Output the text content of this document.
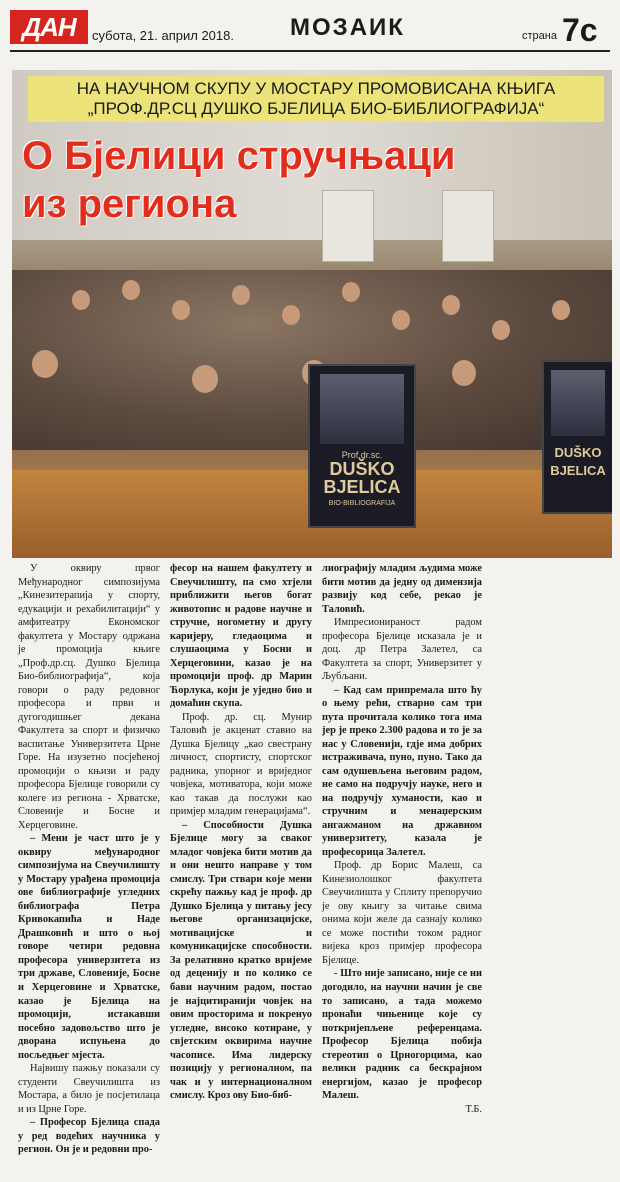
ДАН	субота, 21. април 2018. МОЗАИК	страна 7c
Prof.dr.sc.
DUŠKO
BJELICA
BIO-BIBLIOGRAFIJA
DUŠKO
BJELICA
НА НАУЧНОМ СКУПУ У МОСТАРУ ПРОМОВИСАНА КЊИГА
„ПРОФ.ДР.СЦ ДУШКО БЈЕЛИЦА БИО-БИБЛИОГРАФИЈА“
О Бјелици стручњаци
из региона

У оквиру првог Међународног симпозијума „Кинезитерапија у спорту, едукацији и рехабилитацији“ у амфитеатру Економског факултета у Мостару одржана је промоција књиге „Проф.др.сц. Душко Бјелица Био-библиографија“, која говори о раду редовног професора и први и дугогодишњег декана Факултета за спорт и физичко васпитање Универзитета Црне Горе. На изузетно посјећеној промоцији о књизи и раду професора Бјелице говорили су колеге из региона - Хрватске, Словеније и Босне и Херцеговине.

– Мени је част што је у оквиру међународног симпозијума на Свеучилишту у Мостару урађена промоција ове библиографије угледних библиографа Петра Кривокапића и Наде Драшковић и што о њој говоре четири редовна професора универзитета из три државе, Словеније, Босне и Херцеговине и Хрватске, казао је Бјелица на промоцији, истакавши посебно задовољство што је дворана испуњена до посљедњег мјеста.

Највишу пажњу показали су студенти Свеучилишта из Мостара, а било је посјетилаца и из Црне Горе.

– Професор Бјелица спада у ред водећих научника у регион. Он је и редовни про-

фесор на нашем факултету и Свеучилишту, па смо хтјели приближити његов богат животопис и радове научне и стручне, ногометну и другу каријеру, гледаоцима и слушаоцима у Босни и Херцеговини, казао је на промоцији проф. др Марин Ћорлука, који је уједно био и домаћин скупа.

Проф. др. сц. Мунир Таловић је акценат ставио на Душка Бјелицу „као свестрану личност, спортисту, спортског радника, упорног и вриједног човјека, мотиватора, који може као такав да послужи као примјер младим генерацијама“.

– Способности Душка Бјелице могу за сваког младог човјека бити мотив да и они нешто направе у том смислу. Три ствари које мени скрећу пажњу кад је проф. др Душко Бјелица у питању јесу његове организацијске, мотивацијске и комуникацијске способности. За релативно кратко вријеме од деценију и по колико се бави научним радом, постао је најцитиранији човјек на овим просторима и покренуо угледне, високо котиране, у свјетским оквирима научне часописе. Има лидерску позицију у регионалном, па чак и у интернационалном смислу. Кроз ову Био-биб-

лиографију младим људима може бити мотив да једну од димензија развију код себе, рекао је Таловић.

Импресионираност радом професора Бјелице исказала је и доц. др Петра Залетел, са Факултета за спорт, Универзитет у Љубљани.

– Кад сам припремала што ћу о њему рећи, стварно сам три пута прочитала колико тога има јер је преко 2.300 радова и то је за нас у Словенији, гдје има добрих истраживача, пуно, пуно. Тако да сам одушевљена његовим радом, не само на подручју науке, него и на подручју хуманости, као и стручним и менаџерским ангажманом на државном универзитету, казала је професорица Залетел.

Проф. др Борис Малеш, са Кинезиолошког факултета Свеучилишта у Сплиту препоручио је ову књигу за читање свима онима који желе да сазнају колико се може постићи током радног вијека кроз примјер професора Бјелице.

- Што није записано, није се ни догодило, на научни начин је све то записано, а тада можемо пронаћи чињенице које су поткријепљене референцама. Професор Бјелица побија стереотип о Црногорцима, као велики радник са бескрајном енергијом, казао је професор Малеш.

Т.Б.
